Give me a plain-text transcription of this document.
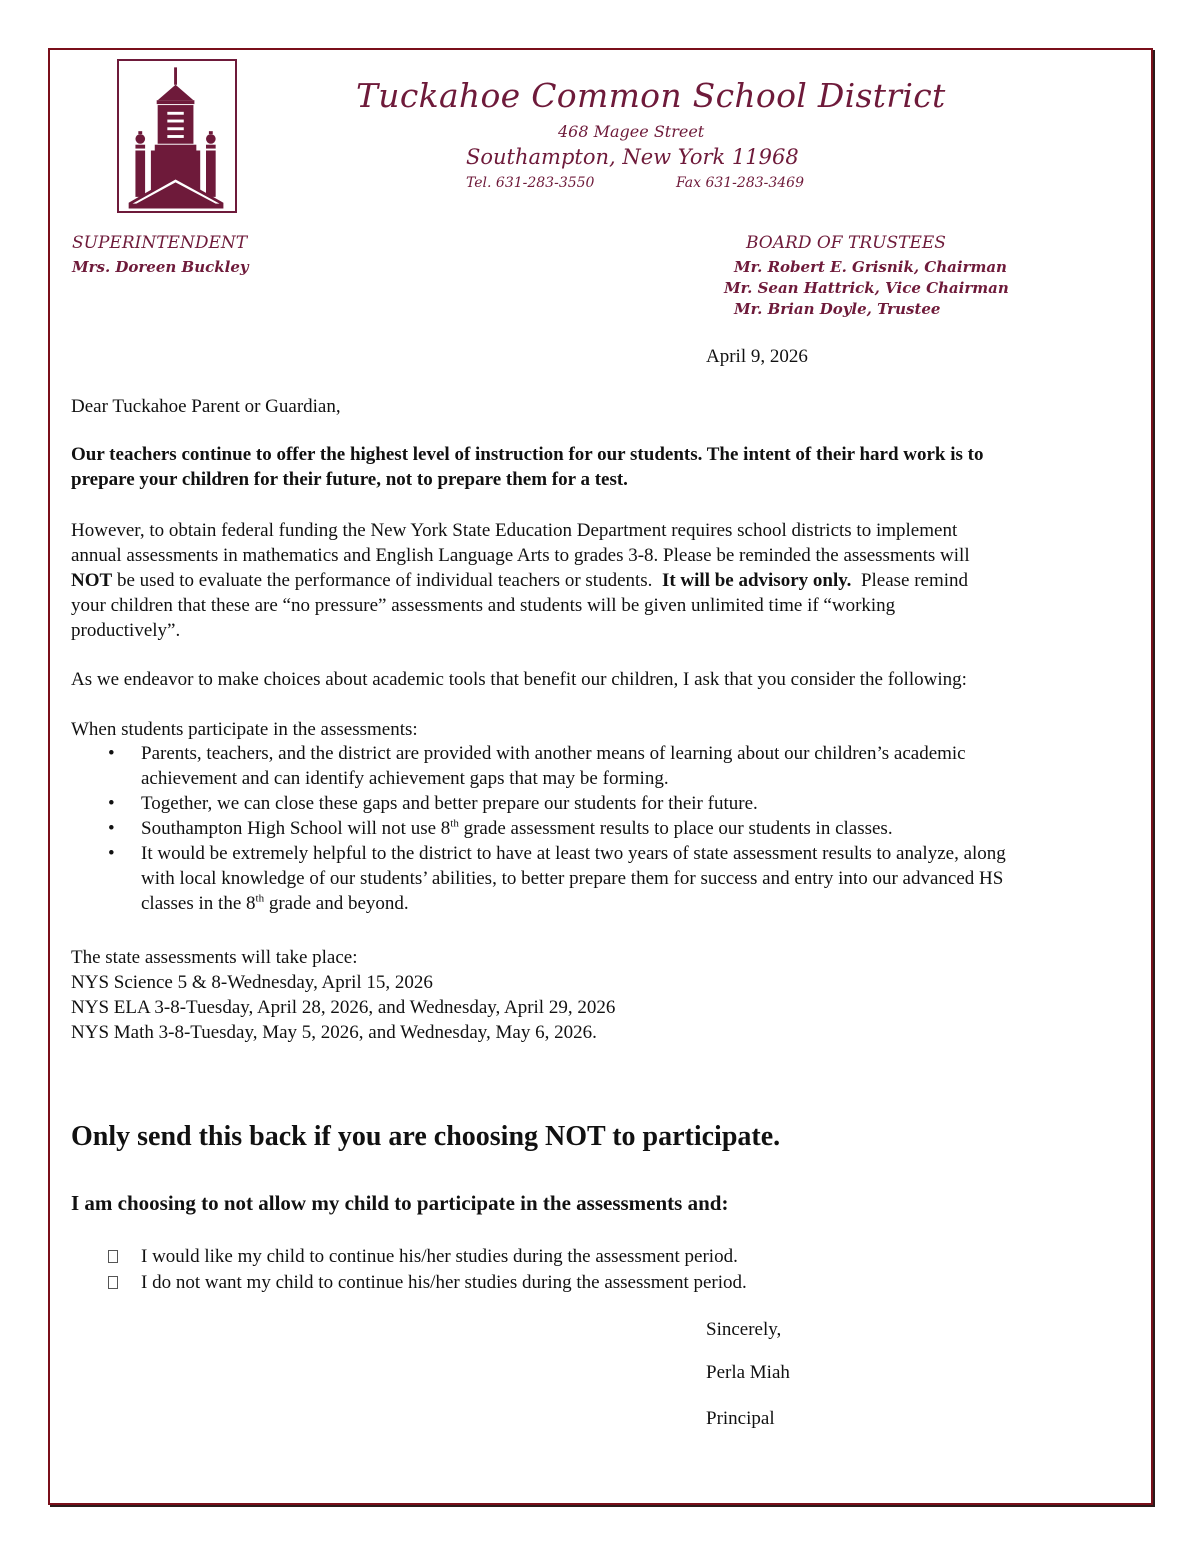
Tuckahoe Common School District
468 Magee Street
Southampton, New York 11968
Tel. 631-283-3550	Fax 631-283-3469
SUPERINTENDENT
Mrs. Doreen Buckley
BOARD OF TRUSTEES
Mr. Robert E. Grisnik, Chairman
Mr. Sean Hattrick, Vice Chairman
Mr. Brian Doyle, Trustee
April 9, 2026
Dear Tuckahoe Parent or Guardian,
Our teachers continue to offer the highest level of instruction for our students. The intent of their hard work is to
prepare your children for their future, not to prepare them for a test.
However, to obtain federal funding the New York State Education Department requires school districts to implement
annual assessments in mathematics and English Language Arts to grades 3-8. Please be reminded the assessments will
NOT be used to evaluate the performance of individual teachers or students.  It will be advisory only.  Please remind
your children that these are “no pressure” assessments and students will be given unlimited time if “working
productively”.
As we endeavor to make choices about academic tools that benefit our children, I ask that you consider the following:
When students participate in the assessments:
• Parents, teachers, and the district are provided with another means of learning about our children’s academic
achievement and can identify achievement gaps that may be forming.
• Together, we can close these gaps and better prepare our students for their future.
• Southampton High School will not use 8th grade assessment results to place our students in classes.
• It would be extremely helpful to the district to have at least two years of state assessment results to analyze, along
with local knowledge of our students’ abilities, to better prepare them for success and entry into our advanced HS
classes in the 8th grade and beyond.
The state assessments will take place:
NYS Science 5 & 8-Wednesday, April 15, 2026
NYS ELA 3-8-Tuesday, April 28, 2026, and Wednesday, April 29, 2026
NYS Math 3-8-Tuesday, May 5, 2026, and Wednesday, May 6, 2026.
Only send this back if you are choosing NOT to participate.
I am choosing to not allow my child to participate in the assessments and:
I would like my child to continue his/her studies during the assessment period.
I do not want my child to continue his/her studies during the assessment period.
Sincerely,
Perla Miah
Principal
